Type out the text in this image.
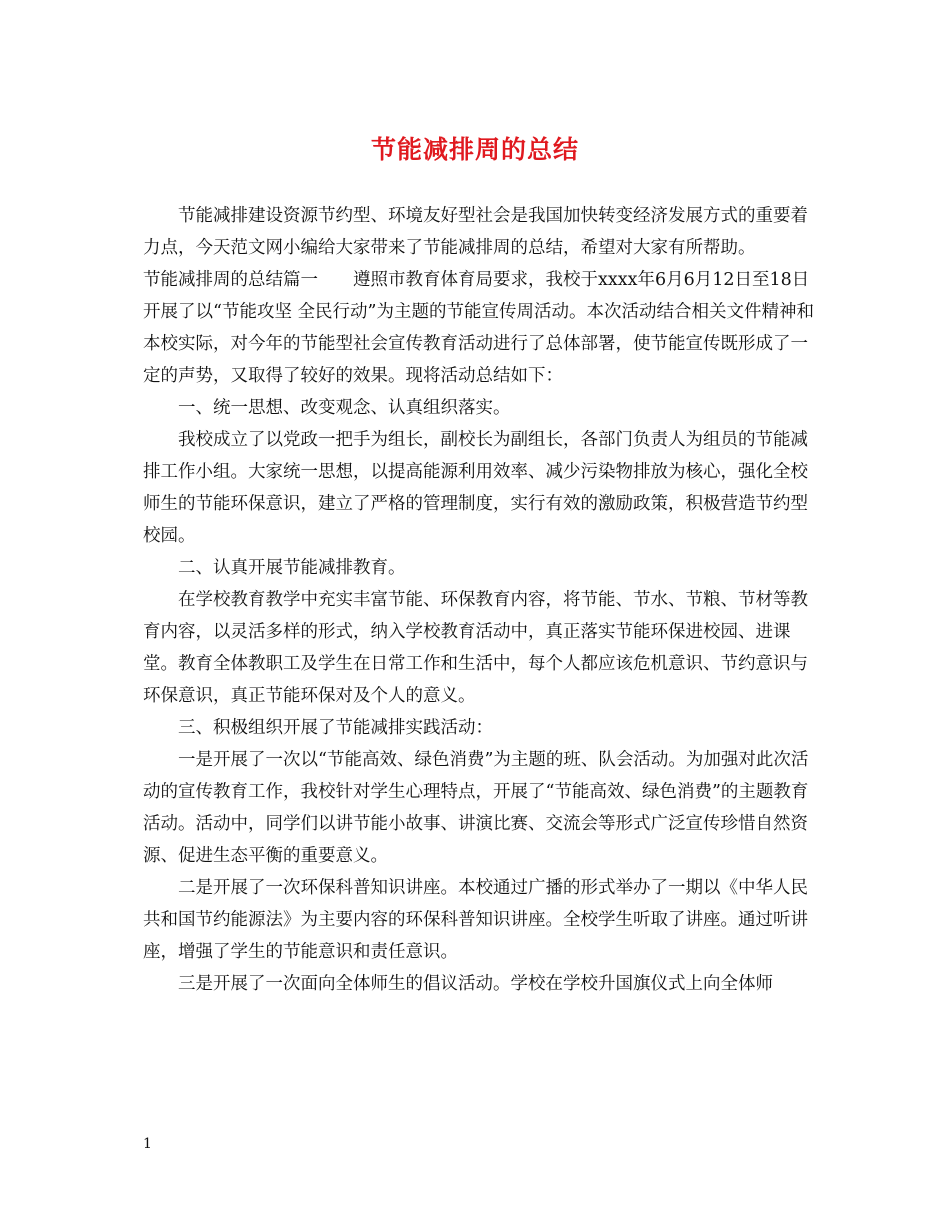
节能减排周的总结

节能减排建设资源节约型、环境友好型社会是我国加快转变经济发展方式的重要着力点，今天范文网小编给大家带来了节能减排周的总结，希望对大家有所帮助。

节能减排周的总结篇一　　遵照市教育体育局要求，我校于xxxx年6月6月12日至18日 开展了以“节能攻坚 全民行动”为主题的节能宣传周活动。本次活动结合相关文件精神和本校实际，对今年的节能型社会宣传教育活动进行了总体部署，使节能宣传既形成了一定的声势，又取得了较好的效果。现将活动总结如下：

一、统一思想、改变观念、认真组织落实。

我校成立了以党政一把手为组长，副校长为副组长，各部门负责人为组员的节能减排工作小组。大家统一思想，以提高能源利用效率、减少污染物排放为核心，强化全校师生的节能环保意识，建立了严格的管理制度，实行有效的激励政策，积极营造节约型校园。

二、认真开展节能减排教育。

在学校教育教学中充实丰富节能、环保教育内容，将节能、节水、节粮、节材等教育内容，以灵活多样的形式，纳入学校教育活动中，真正落实节能环保进校园、进课堂。教育全体教职工及学生在日常工作和生活中，每个人都应该危机意识、节约意识与环保意识，真正节能环保对及个人的意义。

三、积极组织开展了节能减排实践活动：

一是开展了一次以“节能高效、绿色消费”为主题的班、队会活动。为加强对此次活动的宣传教育工作，我校针对学生心理特点，开展了“节能高效、绿色消费”的主题教育活动。活动中，同学们以讲节能小故事、讲演比赛、交流会等形式广泛宣传珍惜自然资源、促进生态平衡的重要意义。

二是开展了一次环保科普知识讲座。本校通过广播的形式举办了一期以《中华人民共和国节约能源法》为主要内容的环保科普知识讲座。全校学生听取了讲座。通过听讲座，增强了学生的节能意识和责任意识。

三是开展了一次面向全体师生的倡议活动。学校在学校升国旗仪式上向全体师

1
